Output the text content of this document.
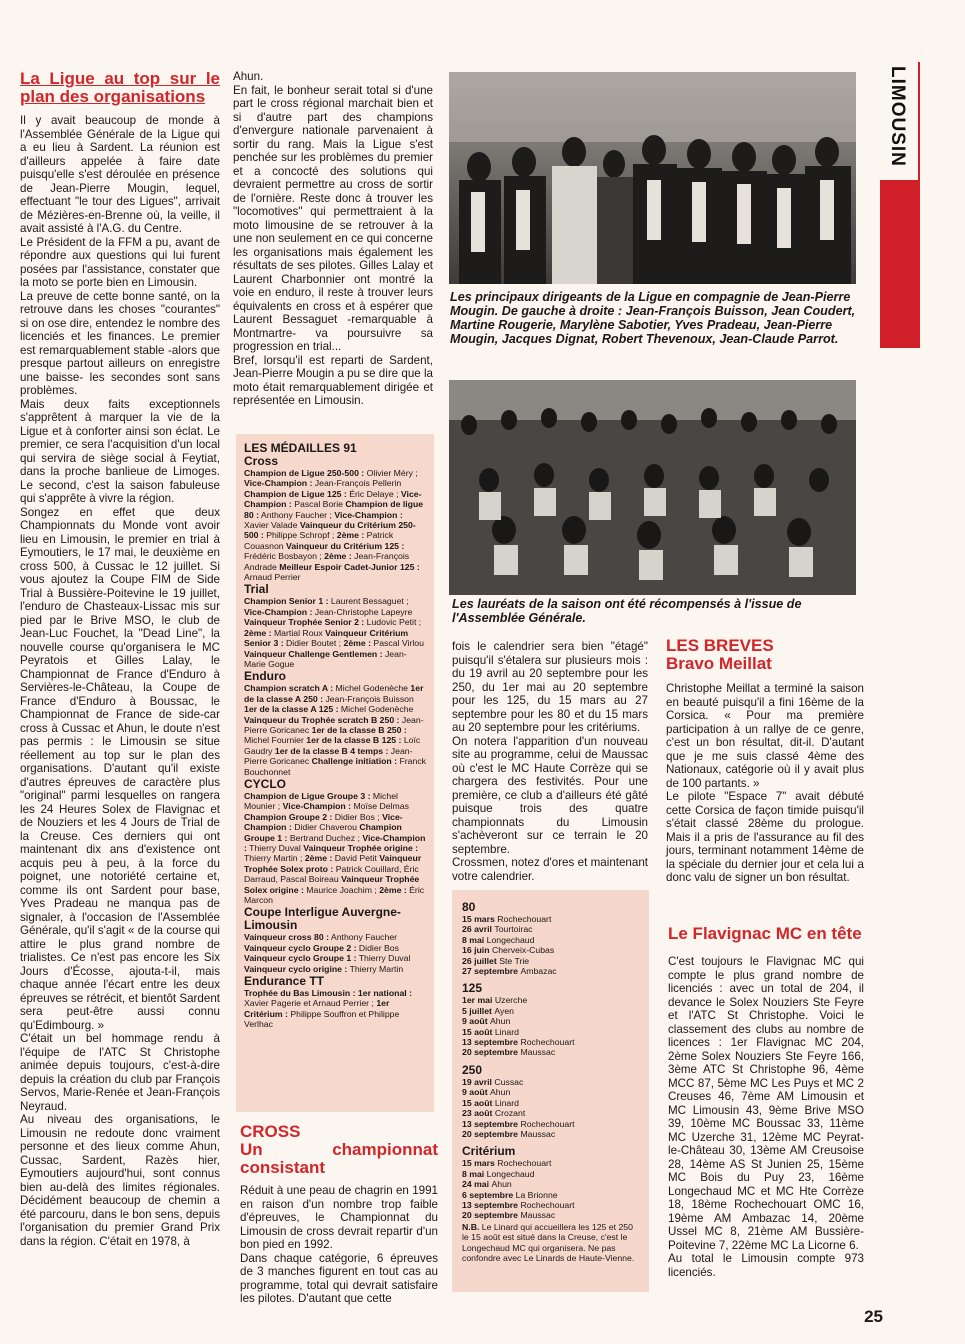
La Ligue au top sur le plan des organisations

Il y avait beaucoup de monde à l'Assemblée Générale de la Ligue qui a eu lieu à Sardent. La réunion est d'ailleurs appelée à faire date puisqu'elle s'est déroulée en présence de Jean-Pierre Mougin, lequel, effectuant "le tour des Ligues", arrivait de Mézières-en-Brenne où, la veille, il avait assisté à l'A.G. du Centre.

Le Président de la FFM a pu, avant de répondre aux questions qui lui furent posées par l'assistance, constater que la moto se porte bien en Limousin.

La preuve de cette bonne santé, on la retrouve dans les choses "courantes" si on ose dire, entendez le nombre des licenciés et les finances. Le premier est remarquablement stable -alors que presque partout ailleurs on enregistre une baisse- les secondes sont sans problèmes.

Mais deux faits exceptionnels s'apprêtent à marquer la vie de la Ligue et à conforter ainsi son éclat. Le premier, ce sera l'acquisition d'un local qui servira de siège social à Feytiat, dans la proche banlieue de Limoges. Le second, c'est la saison fabuleuse qui s'apprête à vivre la région.

Songez en effet que deux Championnats du Monde vont avoir lieu en Limousin, le premier en trial à Eymoutiers, le 17 mai, le deuxième en cross 500, à Cussac le 12 juillet. Si vous ajoutez la Coupe FIM de Side Trial à Bussière-Poitevine le 19 juillet, l'enduro de Chasteaux-Lissac mis sur pied par le Brive MSO, le club de Jean-Luc Fouchet, la "Dead Line", la nouvelle course qu'organisera le MC Peyratois et Gilles Lalay, le Championnat de France d'Enduro à Servières-le-Château, la Coupe de France d'Enduro à Boussac, le Championnat de France de side-car cross à Cussac et Ahun, le doute n'est pas permis : le Limousin se situe réellement au top sur le plan des organisations. D'autant qu'il existe d'autres épreuves de caractère plus "original" parmi lesquelles on rangera les 24 Heures Solex de Flavignac et de Nouziers et les 4 Jours de Trial de la Creuse. Ces derniers qui ont maintenant dix ans d'existence ont acquis peu à peu, à la force du poignet, une notoriété certaine et, comme ils ont Sardent pour base, Yves Pradeau ne manqua pas de signaler, à l'occasion de l'Assemblée Générale, qu'il s'agit « de la course qui attire le plus grand nombre de trialistes. Ce n'est pas encore les Six Jours d'Écosse, ajouta-t-il, mais chaque année l'écart entre les deux épreuves se rétrécit, et bientôt Sardent sera peut-être aussi connu qu'Edimbourg. »

C'était un bel hommage rendu à l'équipe de l'ATC St Christophe animée depuis toujours, c'est-à-dire depuis la création du club par François Servos, Marie-Renée et Jean-François Neyraud.

Au niveau des organisations, le Limousin ne redoute donc vraiment personne et des lieux comme Ahun, Cussac, Sardent, Razès hier, Eymoutiers aujourd'hui, sont connus bien au-delà des limites régionales. Décidément beaucoup de chemin a été parcouru, dans le bon sens, depuis l'organisation du premier Grand Prix dans la région. C'était en 1978, à

Ahun.

En fait, le bonheur serait total si d'une part le cross régional marchait bien et si d'autre part des champions d'envergure nationale parvenaient à sortir du rang. Mais la Ligue s'est penchée sur les problèmes du premier et a concocté des solutions qui devraient permettre au cross de sortir de l'ornière. Reste donc à trouver les "locomotives" qui permettraient à la moto limousine de se retrouver à la une non seulement en ce qui concerne les organisations mais également les résultats de ses pilotes. Gilles Lalay et Laurent Charbonnier ont montré la voie en enduro, il reste à trouver leurs équivalents en cross et à espérer que Laurent Bessaguet -remarquable à Montmartre- va poursuivre sa progression en trial...

Bref, lorsqu'il est reparti de Sardent, Jean-Pierre Mougin a pu se dire que la moto était remarquablement dirigée et représentée en Limousin.

LES MÉDAILLES 91
Cross
Champion de Ligue 250-500 : Olivier Méry ; Vice-Champion : Jean-François Pellerin Champion de Ligue 125 : Éric Delaye ; Vice-Champion : Pascal Borie Champion de ligue 80 : Anthony Faucher ; Vice-Champion : Xavier Valade Vainqueur du Critérium 250-500 : Philippe Schropf ; 2ème : Patrick Couasnon Vainqueur du Critérium 125 : Frédéric Bosbayon ; 2ème : Jean-François Andrade Meilleur Espoir Cadet-Junior 125 : Arnaud Perrier
Trial
Champion Senior 1 : Laurent Bessaguet ; Vice-Champion : Jean-Christophe Lapeyre Vainqueur Trophée Senior 2 : Ludovic Petit ; 2ème : Martial Roux Vainqueur Critérium Senior 3 : Didier Boutet ; 2ème : Pascal Virlou Vainqueur Challenge Gentlemen : Jean-Marie Gogue
Enduro
Champion scratch A : Michel Godenèche 1er de la classe A 250 : Jean-François Buisson 1er de la classe A 125 : Michel Godenèche Vainqueur du Trophée scratch B 250 : Jean-Pierre Goricanec 1er de la classe B 250 : Michel Fournier 1er de la classe B 125 : Loïc Gaudry 1er de la classe B 4 temps : Jean-Pierre Goricanec Challenge initiation : Franck Bouchonnet
CYCLO
Champion de Ligue Groupe 3 : Michel Mounier ; Vice-Champion : Moïse Delmas Champion Groupe 2 : Didier Bos ; Vice-Champion : Didier Chaverou Champion Groupe 1 : Bertrand Duchez ; Vice-Champion : Thierry Duval Vainqueur Trophée origine : Thierry Martin ; 2ème : David Petit Vainqueur Trophée Solex proto : Patrick Couillard, Éric Darraud, Pascal Boireau Vainqueur Trophée Solex origine : Maurice Joachim ; 2ème : Éric Marcon
Coupe Interligue Auvergne-Limousin
Vainqueur cross 80 : Anthony Faucher Vainqueur cyclo Groupe 2 : Didier Bos Vainqueur cyclo Groupe 1 : Thierry Duval Vainqueur cyclo origine : Thierry Martin
Endurance TT
Trophée du Bas Limousin : 1er national : Xavier Pagerie et Arnaud Perrier ; 1er Critérium : Philippe Souffron et Philippe Verlhac
CROSS
Un championnat consistant

Réduit à une peau de chagrin en 1991 en raison d'un nombre trop faible d'épreuves, le Championnat du Limousin de cross devrait repartir d'un bon pied en 1992.

Dans chaque catégorie, 6 épreuves de 3 manches figurent en tout cas au programme, total qui devrait satisfaire les pilotes. D'autant que cette

Les principaux dirigeants de la Ligue en compagnie de Jean-Pierre Mougin. De gauche à droite : Jean-François Buisson, Jean Coudert, Martine Rougerie, Marylène Sabotier, Yves Pradeau, Jean-Pierre Mougin, Jacques Dignat, Robert Thevenoux, Jean-Claude Parrot.
LIMOUSIN
Les lauréats de la saison ont été récompensés à l'issue de l'Assemblée Générale.

fois le calendrier sera bien "étagé" puisqu'il s'étalera sur plusieurs mois : du 19 avril au 20 septembre pour les 250, du 1er mai au 20 septembre pour les 125, du 15 mars au 27 septembre pour les 80 et du 15 mars au 20 septembre pour les critériums.

On notera l'apparition d'un nouveau site au programme, celui de Maussac où c'est le MC Haute Corrèze qui se chargera des festivités. Pour une première, ce club a d'ailleurs été gâté puisque trois des quatre championnats du Limousin s'achèveront sur ce terrain le 20 septembre.

Crossmen, notez d'ores et maintenant votre calendrier.

80
15 mars Rochechouart
26 avril Tourtoirac
8 mai Longechaud
16 juin Cherveix-Cubas
26 juillet Ste Trie
27 septembre Ambazac
125
1er mai Uzerche
5 juillet Ayen
9 août Ahun
15 août Linard
13 septembre Rochechouart
20 septembre Maussac
250
19 avril Cussac
9 août Ahun
15 août Linard
23 août Crozant
13 septembre Rochechouart
20 septembre Maussac
Critérium
15 mars Rochechouart
8 mai Longechaud
24 mai Ahun
6 septembre La Brionne
13 septembre Rochechouart
20 septembre Maussac
N.B. Le Linard qui accueillera les 125 et 250 le 15 août est situé dans la Creuse, c'est le Longechaud MC qui organisera. Ne pas confondre avec Le Linards de Haute-Vienne.
LES BREVES
Bravo Meillat

Christophe Meillat a terminé la saison en beauté puisqu'il a fini 16ème de la Corsica. « Pour ma première participation à un rallye de ce genre, c'est un bon résultat, dit-il. D'autant que je me suis classé 4ème des Nationaux, catégorie où il y avait plus de 100 partants. »

Le pilote "Espace 7" avait débuté cette Corsica de façon timide puisqu'il s'était classé 28ème du prologue. Mais il a pris de l'assurance au fil des jours, terminant notamment 14ème de la spéciale du dernier jour et cela lui a donc valu de signer un bon résultat.

Le Flavignac MC en tête

C'est toujours le Flavignac MC qui compte le plus grand nombre de licenciés : avec un total de 204, il devance le Solex Nouziers Ste Feyre et l'ATC St Christophe. Voici le classement des clubs au nombre de licences : 1er Flavignac MC 204, 2ème Solex Nouziers Ste Feyre 166, 3ème ATC St Christophe 96, 4ème MCC 87, 5ème MC Les Puys et MC 2 Creuses 46, 7ème AM Limousin et MC Limousin 43, 9ème Brive MSO 39, 10ème MC Boussac 33, 11ème MC Uzerche 31, 12ème MC Peyrat-le-Château 30, 13ème AM Creusoise 28, 14ème AS St Junien 25, 15ème MC Bois du Puy 23, 16ème Longechaud MC et MC Hte Corrèze 18, 18ème Rochechouart OMC 16, 19ème AM Ambazac 14, 20ème Ussel MC 8, 21ème AM Bussière-Poitevine 7, 22ème MC La Licorne 6.

Au total le Limousin compte 973 licenciés.

25
